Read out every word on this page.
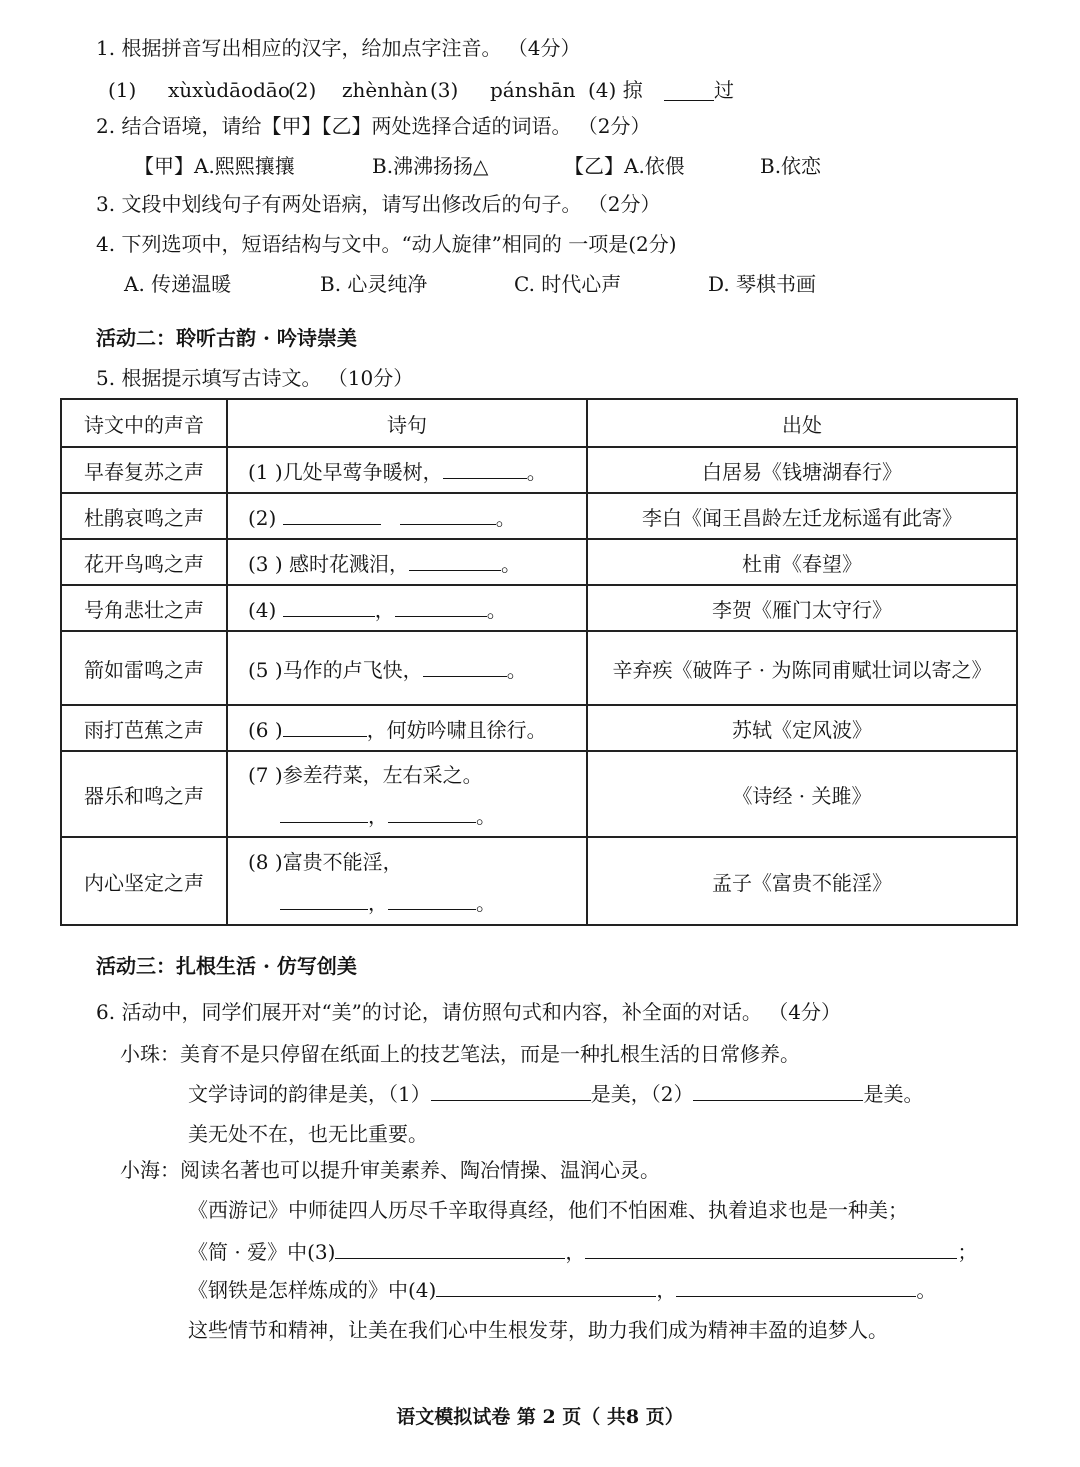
1. 根据拼音写出相应的汉字，给加点字注音。 （4分）
(1) xùxùdāodāo
(2) zhènhàn (3) pánshān (4) 掠	过
2. 结合语境，请给【甲】【乙】两处选择合适的词语。 （2分）
【甲】A.熙熙攘攘	B.沸沸扬扬△	【乙】A.依偎	B.依恋
3. 文段中划线句子有两处语病，请写出修改后的句子。 （2分）
4. 下列选项中，短语结构与文中。“动人旋律”相同的 一项是(2分)
A. 传递温暖	B. 心灵纯净	C. 时代心声	D. 琴棋书画
活动二：聆听古韵 · 吟诗崇美
5. 根据提示填写古诗文。 （10分）
诗文中的声音	诗句	出处
早春复苏之声	(1 )几处早莺争暖树， 。	白居易《钱塘湖春行》
杜鹃哀鸣之声	(2) 。	李白《闻王昌龄左迁龙标遥有此寄》
花开鸟鸣之声	(3 ) 感时花溅泪， 。	杜甫《春望》
号角悲壮之声	(4) ， 。	李贺《雁门太守行》
箭如雷鸣之声	(5 )马作的卢飞快， 。	辛弃疾《破阵子 · 为陈同甫赋壮词以寄之》
雨打芭蕉之声	(6 ) ，何妨吟啸且徐行。	苏轼《定风波》
器乐和鸣之声	(7 )参差荇菜，左右采之。
， 。	《诗经 · 关雎》
内心坚定之声	(8 )富贵不能淫，
， 。	孟子《富贵不能淫》
活动三：扎根生活 · 仿写创美
6. 活动中，同学们展开对“美”的讨论，请仿照句式和内容，补全面的对话。 （4分）
小珠：美育不是只停留在纸面上的技艺笔法，而是一种扎根生活的日常修养。
文学诗词的韵律是美，（1）	是美，（2）	是美。
美无处不在，也无比重要。
小海：阅读名著也可以提升审美素养、陶冶情操、温润心灵。
《西游记》中师徒四人历尽千辛取得真经，他们不怕困难、执着追求也是一种美；
《简 · 爱》中(3)	，	；
《钢铁是怎样炼成的》中(4)	，	。
这些情节和精神，让美在我们心中生根发芽，助力我们成为精神丰盈的追梦人。
语文模拟试卷 第 2 页（ 共8 页）
